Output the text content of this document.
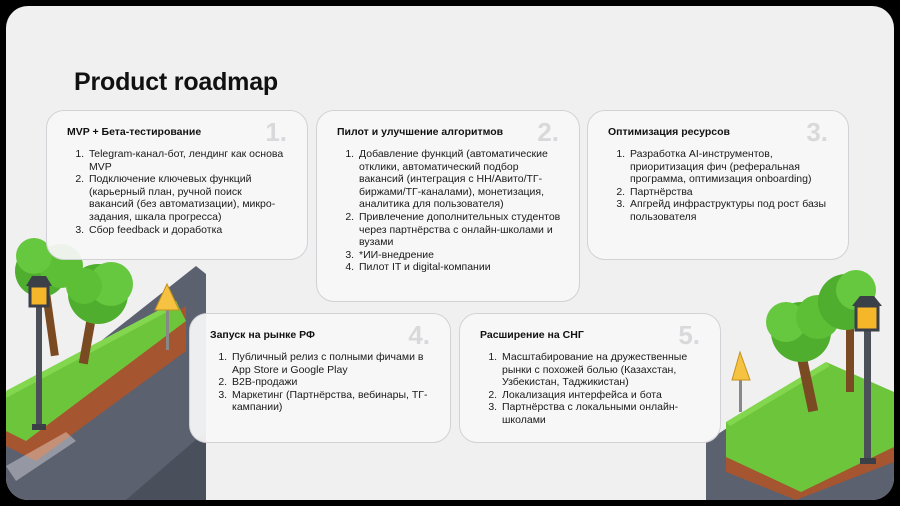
Product roadmap
1.
MVP + Бета-тестирование
1. Telegram-канал-бот, лендинг как основа MVP
2. Подключение ключевых функций (карьерный план, ручной поиск вакансий (без автоматизации), микро-задания, шкала прогресса)
3. Сбор feedback и доработка
2.
Пилот и улучшение алгоритмов
1. Добавление функций (автоматические отклики, автоматический подбор вакансий (интеграция с HH/Авито/ТГ-биржами/ТГ-каналами), монетизация, аналитика для пользователя)
2. Привлечение дополнительных студентов через партнёрства с онлайн-школами и вузами
3. *ИИ-внедрение
4. Пилот IT и digital-компании
3.
Оптимизация ресурсов
1. Разработка AI-инструментов, приоритизация фич (реферальная программа, оптимизация onboarding)
2. Партнёрства
3. Апгрейд инфраструктуры под рост базы пользователя
4.
Запуск на рынке РФ
1. Публичный релиз с полными фичами в App Store и Google Play
2. B2B-продажи
3. Маркетинг (Партнёрства, вебинары, ТГ-кампании)
5.
Расширение на СНГ
1. Масштабирование на дружественные рынки с похожей болью (Казахстан, Узбекистан, Таджикистан)
2. Локализация интерфейса и бота
3. Партнёрства с локальными онлайн-школами
